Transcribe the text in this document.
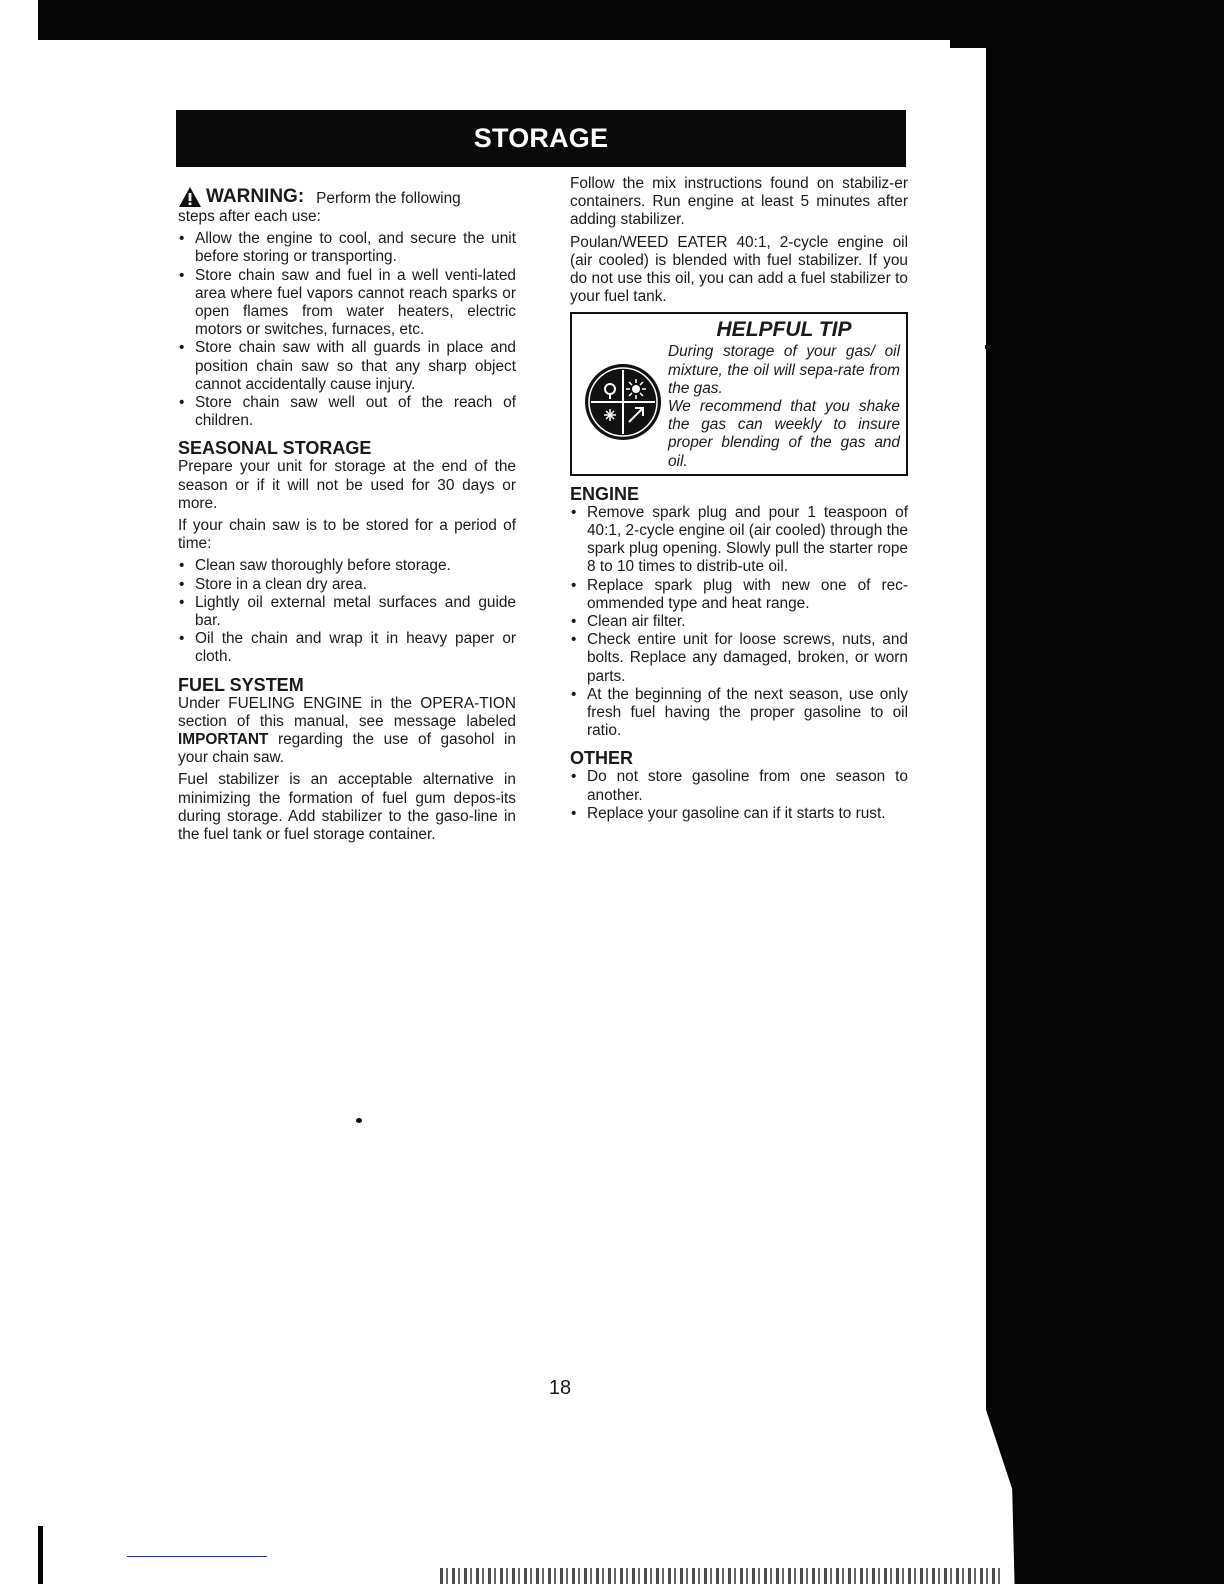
STORAGE
WARNING: Perform the following

steps after each use:

• Allow the engine to cool, and secure the unit before storing or transporting.
• Store chain saw and fuel in a well venti-lated area where fuel vapors cannot reach sparks or open flames from water heaters, electric motors or switches, furnaces, etc.
• Store chain saw with all guards in place and position chain saw so that any sharp object cannot accidentally cause injury.
• Store chain saw well out of the reach of children.
SEASONAL STORAGE

Prepare your unit for storage at the end of the season or if it will not be used for 30 days or more.

If your chain saw is to be stored for a period of time:

• Clean saw thoroughly before storage.
• Store in a clean dry area.
• Lightly oil external metal surfaces and guide bar.
• Oil the chain and wrap it in heavy paper or cloth.
FUEL SYSTEM

Under FUELING ENGINE in the OPERA-TION section of this manual, see message labeled IMPORTANT regarding the use of gasohol in your chain saw.

Fuel stabilizer is an acceptable alternative in minimizing the formation of fuel gum depos-its during storage. Add stabilizer to the gaso-line in the fuel tank or fuel storage container.

Follow the mix instructions found on stabiliz-er containers. Run engine at least 5 minutes after adding stabilizer.

Poulan/WEED EATER 40:1, 2-cycle engine oil (air cooled) is blended with fuel stabilizer. If you do not use this oil, you can add a fuel stabilizer to your fuel tank.

HELPFUL TIP

During storage of your gas/ oil mixture, the oil will sepa-rate from the gas.

We recommend that you shake the gas can weekly to insure proper blending of the gas and oil.

ENGINE
• Remove spark plug and pour 1 teaspoon of 40:1, 2-cycle engine oil (air cooled) through the spark plug opening. Slowly pull the starter rope 8 to 10 times to distrib-ute oil.
• Replace spark plug with new one of rec-ommended type and heat range.
• Clean air filter.
• Check entire unit for loose screws, nuts, and bolts. Replace any damaged, broken, or worn parts.
• At the beginning of the next season, use only fresh fuel having the proper gasoline to oil ratio.
OTHER
• Do not store gasoline from one season to another.
• Replace your gasoline can if it starts to rust.
18
